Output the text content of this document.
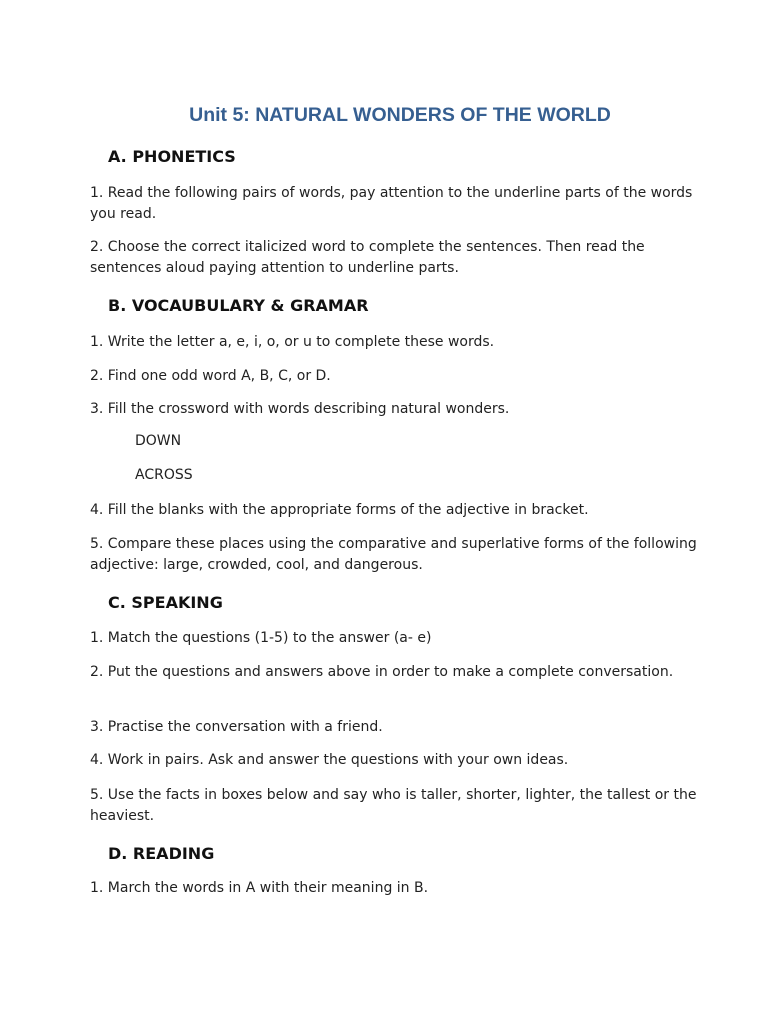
Unit 5: NATURAL WONDERS OF THE WORLD
A. PHONETICS
1. Read the following pairs of words, pay attention to the underline parts of the words you read.
2. Choose the correct italicized word to complete the sentences. Then read the sentences aloud paying attention to underline parts.
B. VOCAUBULARY & GRAMAR
1. Write the letter a, e, i, o, or u to complete these words.
2. Find one odd word A, B, C, or D.
3. Fill the crossword with words describing natural wonders.
DOWN
ACROSS
4. Fill the blanks with the appropriate forms of the adjective in bracket.
5. Compare these places using the comparative and superlative forms of the following adjective: large, crowded, cool, and dangerous.
C. SPEAKING
1. Match the questions (1-5) to the answer (a- e)
2. Put the questions and answers above in order to make a complete conversation.
3. Practise the conversation with a friend.
4. Work in pairs. Ask and answer the questions with your own ideas.
5. Use the facts in boxes below and say who is taller, shorter, lighter, the tallest or the heaviest.
D. READING
1. March the words in A with their meaning in B.
